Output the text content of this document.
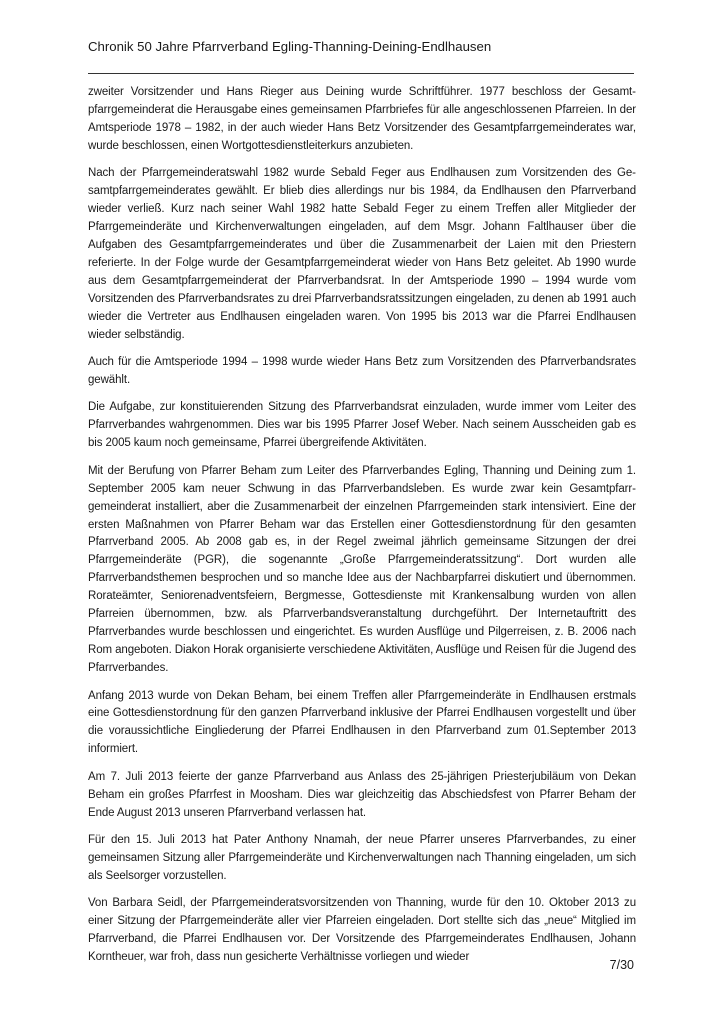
Chronik 50 Jahre Pfarrverband Egling-Thanning-Deining-Endlhausen

zweiter Vorsitzender und Hans Rieger aus Deining wurde Schriftführer. 1977 beschloss der Gesamtpfarrgemeinderat die Herausgabe eines gemeinsamen Pfarrbriefes für alle angeschlossenen Pfarreien. In der Amtsperiode 1978 – 1982, in der auch wieder Hans Betz Vorsitzender des Gesamtpfarrgemeinderates war, wurde beschlossen, einen Wortgottesdienstleiterkurs anzubieten.

Nach der Pfarrgemeinderatswahl 1982 wurde Sebald Feger aus Endlhausen zum Vorsitzenden des Gesamtpfarrgemeinderates gewählt. Er blieb dies allerdings nur bis 1984, da Endlhausen den Pfarrverband wieder verließ. Kurz nach seiner Wahl 1982 hatte Sebald Feger zu einem Treffen aller Mitglieder der Pfarrgemeinderäte und Kirchenverwaltungen eingeladen, auf dem Msgr. Johann Faltlhauser über die Aufgaben des Gesamtpfarrgemeinderates und über die Zusammenarbeit der Laien mit den Priestern referierte. In der Folge wurde der Gesamtpfarrgemeinderat wieder von Hans Betz geleitet. Ab 1990 wurde aus dem Gesamtpfarrgemeinderat der Pfarrverbandsrat. In der Amtsperiode 1990 – 1994 wurde vom Vorsitzenden des Pfarrverbandsrates zu drei Pfarrverbandsratssitzungen eingeladen, zu denen ab 1991 auch wieder die Vertreter aus Endlhausen eingeladen waren. Von 1995 bis 2013 war die Pfarrei Endlhausen wieder selbständig.

Auch für die Amtsperiode 1994 – 1998 wurde wieder Hans Betz zum Vorsitzenden des Pfarrverbandsrates gewählt.

Die Aufgabe, zur konstituierenden Sitzung des Pfarrverbandsrat einzuladen, wurde immer vom Leiter des Pfarrverbandes wahrgenommen. Dies war bis 1995 Pfarrer Josef Weber. Nach seinem Ausscheiden gab es bis 2005 kaum noch gemeinsame, Pfarrei übergreifende Aktivitäten.

Mit der Berufung von Pfarrer Beham zum Leiter des Pfarrverbandes Egling, Thanning und Deining zum 1. September 2005 kam neuer Schwung in das Pfarrverbandsleben. Es wurde zwar kein Gesamtpfarrgemeinderat installiert, aber die Zusammenarbeit der einzelnen Pfarrgemeinden stark intensiviert. Eine der ersten Maßnahmen von Pfarrer Beham war das Erstellen einer Gottesdienstordnung für den gesamten Pfarrverband 2005. Ab 2008 gab es, in der Regel zweimal jährlich gemeinsame Sitzungen der drei Pfarrgemeinderäte (PGR), die sogenannte „Große Pfarrgemeinderatssitzung“. Dort wurden alle Pfarrverbandsthemen besprochen und so manche Idee aus der Nachbarpfarrei diskutiert und übernommen. Rorateämter, Seniorenadventsfeiern, Bergmesse, Gottesdienste mit Krankensalbung wurden von allen Pfarreien übernommen, bzw. als Pfarrverbandsveranstaltung durchgeführt. Der Internetauftritt des Pfarrverbandes wurde beschlossen und eingerichtet. Es wurden Ausflüge und Pilgerreisen, z. B. 2006 nach Rom angeboten. Diakon Horak organisierte verschiedene Aktivitäten, Ausflüge und Reisen für die Jugend des Pfarrverbandes.

Anfang 2013 wurde von Dekan Beham, bei einem Treffen aller Pfarrgemeinderäte in Endlhausen erstmals eine Gottesdienstordnung für den ganzen Pfarrverband inklusive der Pfarrei Endlhausen vorgestellt und über die voraussichtliche Eingliederung der Pfarrei Endlhausen in den Pfarrverband zum 01.September 2013 informiert.

Am 7. Juli 2013 feierte der ganze Pfarrverband aus Anlass des 25-jährigen Priesterjubiläum von Dekan Beham ein großes Pfarrfest in Moosham. Dies war gleichzeitig das Abschiedsfest von Pfarrer Beham der Ende August 2013 unseren Pfarrverband verlassen hat.

Für den 15. Juli 2013 hat Pater Anthony Nnamah, der neue Pfarrer unseres Pfarrverbandes, zu einer gemeinsamen Sitzung aller Pfarrgemeinderäte und Kirchenverwaltungen nach Thanning eingeladen, um sich als Seelsorger vorzustellen.

Von Barbara Seidl, der Pfarrgemeinderatsvorsitzenden von Thanning, wurde für den 10. Oktober 2013 zu einer Sitzung der Pfarrgemeinderäte aller vier Pfarreien eingeladen. Dort stellte sich das „neue“ Mitglied im Pfarrverband, die Pfarrei Endlhausen vor. Der Vorsitzende des Pfarrgemeinderates Endlhausen, Johann Korntheuer, war froh, dass nun gesicherte Verhältnisse vorliegen und wieder

7/30
